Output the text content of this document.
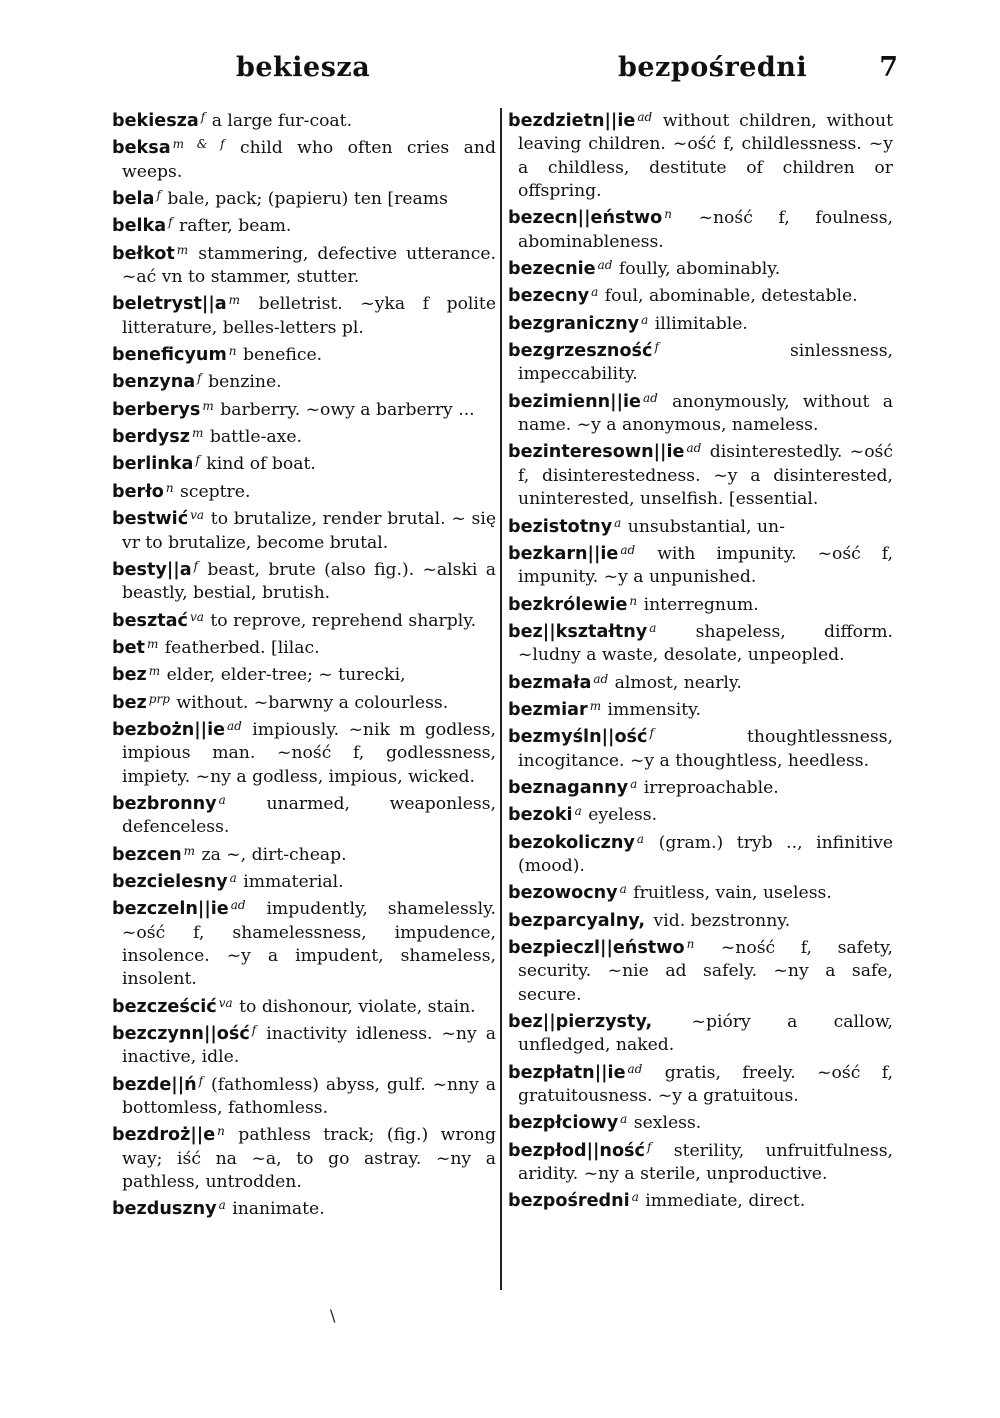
bekiesza	bezpośredni	7

bekiesza $^f$ a large fur-coat.

beksa $^{m \& f}$ child who often cries and weeps.

bela $^f$ bale, pack; (papieru) ten [reams

belka $^f$ rafter, beam.

bełkot $^m$ stammering, defective utterance. ~ać vn to stammer, stutter.

beletryst||a $^m$ belletrist. ~yka f polite litterature, belles-letters pl.

beneficyum $^n$ benefice.

benzyna $^f$ benzine.

berberys $^m$ barberry. ~owy a barberry ...

berdysz $^m$ battle-axe.

berlinka $^f$ kind of boat.

berło $^n$ sceptre.

bestwić $^{va}$ to brutalize, render brutal. ~ się vr to brutalize, become brutal.

besty||a $^f$ beast, brute (also fig.). ~alski a beastly, bestial, brutish.

besztać $^{va}$ to reprove, reprehend sharply.

bet $^m$ featherbed. [lilac.

bez $^m$ elder, elder-tree; ~ turecki,

bez $^{prp}$ without. ~barwny a colourless.

bezbożn||ie $^{ad}$ impiously. ~nik m godless, impious man. ~ność f, godlessness, impiety. ~ny a godless, impious, wicked.

bezbronny $^a$ unarmed, weaponless, defenceless.

bezcen $^m$ za ~, dirt-cheap.

bezcielesny $^a$ immaterial.

bezczeln||ie $^{ad}$ impudently, shamelessly. ~ość f, shamelessness, impudence, insolence. ~y a impudent, shameless, insolent.

bezcześcić $^{va}$ to dishonour, violate, stain.

bezczynn||ość $^f$ inactivity idleness. ~ny a inactive, idle.

bezde||ń $^f$ (fathomless) abyss, gulf. ~nny a bottomless, fathomless.

bezdroż||e $^n$ pathless track; (fig.) wrong way; iść na ~a, to go astray. ~ny a pathless, untrodden.

bezduszny $^a$ inanimate.

bezdzietn||ie $^{ad}$ without children, without leaving children. ~ość f, childlessness. ~y a childless, destitute of children or offspring.

bezecn||eństwo $^n$ ~ność f, foulness, abominableness.

bezecnie $^{ad}$ foully, abominably.

bezecny $^a$ foul, abominable, detestable.

bezgraniczny $^a$ illimitable.

bezgrzeszność $^f$ sinlessness, impeccability.

bezimienn||ie $^{ad}$ anonymously, without a name. ~y a anonymous, nameless.

bezinteresown||ie $^{ad}$ disinterestedly. ~ość f, disinterestedness. ~y a disinterested, uninterested, unselfish. [essential.

bezistotny $^a$ unsubstantial, un-

bezkarn||ie $^{ad}$ with impunity. ~ość f, impunity. ~y a unpunished.

bezkrólewie $^n$ interregnum.

bez||kształtny $^a$ shapeless, difform. ~ludny a waste, desolate, unpeopled.

bezmała $^{ad}$ almost, nearly.

bezmiar $^m$ immensity.

bezmyśln||ość $^f$ thoughtlessness, incogitance. ~y a thoughtless, heedless.

beznaganny $^a$ irreproachable.

bezoki $^a$ eyeless.

bezokoliczny $^a$ (gram.) tryb .., infinitive (mood).

bezowocny $^a$ fruitless, vain, useless.

bezparcyalny, vid. bezstronny.

bezpieczl||eństwo $^n$ ~ność f, safety, security. ~nie ad safely. ~ny a safe, secure.

bez||pierzysty, ~pióry a callow, unfledged, naked.

bezpłatn||ie $^{ad}$ gratis, freely. ~ość f, gratuitousness. ~y a gratuitous.

bezpłciowy $^a$ sexless.

bezpłod||ność $^f$ sterility, unfruitfulness, aridity. ~ny a sterile, unproductive.

bezpośredni $^a$ immediate, direct.

\
